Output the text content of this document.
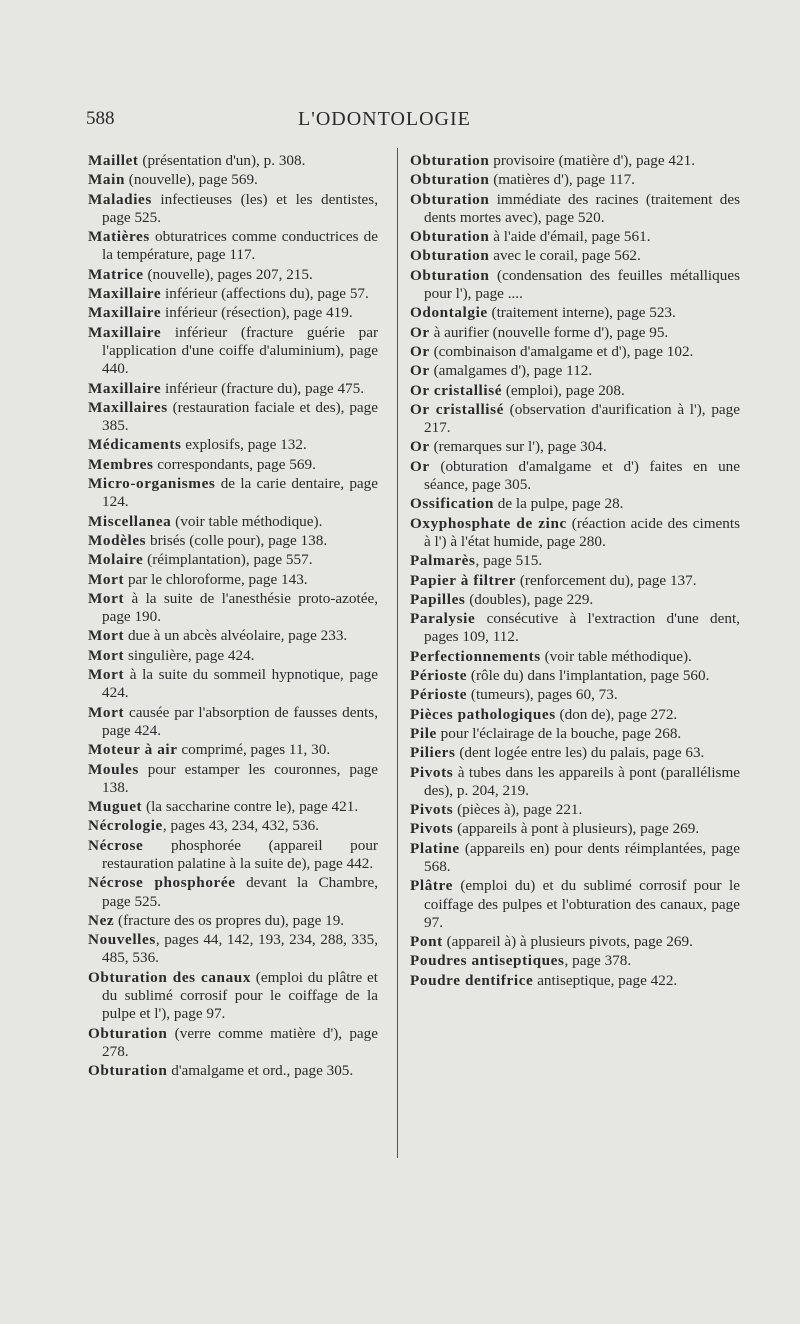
588	L'ODONTOLOGIE

Maillet (présentation d'un), p. 308.

Main (nouvelle), page 569.

Maladies infectieuses (les) et les dentistes, page 525.

Matières obturatrices comme conductrices de la température, page 117.

Matrice (nouvelle), pages 207, 215.

Maxillaire inférieur (affections du), page 57.

Maxillaire inférieur (résection), page 419.

Maxillaire inférieur (fracture guérie par l'application d'une coiffe d'aluminium), page 440.

Maxillaire inférieur (fracture du), page 475.

Maxillaires (restauration faciale et des), page 385.

Médicaments explosifs, page 132.

Membres correspondants, page 569.

Micro-organismes de la carie dentaire, page 124.

Miscellanea (voir table méthodique).

Modèles brisés (colle pour), page 138.

Molaire (réimplantation), page 557.

Mort par le chloroforme, page 143.

Mort à la suite de l'anesthésie proto-azotée, page 190.

Mort due à un abcès alvéolaire, page 233.

Mort singulière, page 424.

Mort à la suite du sommeil hypnotique, page 424.

Mort causée par l'absorption de fausses dents, page 424.

Moteur à air comprimé, pages 11, 30.

Moules pour estamper les couronnes, page 138.

Muguet (la saccharine contre le), page 421.

Nécrologie, pages 43, 234, 432, 536.

Nécrose phosphorée (appareil pour restauration palatine à la suite de), page 442.

Nécrose phosphorée devant la Chambre, page 525.

Nez (fracture des os propres du), page 19.

Nouvelles, pages 44, 142, 193, 234, 288, 335, 485, 536.

Obturation des canaux (emploi du plâtre et du sublimé corrosif pour le coiffage de la pulpe et l'), page 97.

Obturation (verre comme matière d'), page 278.

Obturation d'amalgame et ord., page 305.

Obturation provisoire (matière d'), page 421.

Obturation (matières d'), page 117.

Obturation immédiate des racines (traitement des dents mortes avec), page 520.

Obturation à l'aide d'émail, page 561.

Obturation avec le corail, page 562.

Obturation (condensation des feuilles métalliques pour l'), page ....

Odontalgie (traitement interne), page 523.

Or à aurifier (nouvelle forme d'), page 95.

Or (combinaison d'amalgame et d'), page 102.

Or (amalgames d'), page 112.

Or cristallisé (emploi), page 208.

Or cristallisé (observation d'aurification à l'), page 217.

Or (remarques sur l'), page 304.

Or (obturation d'amalgame et d') faites en une séance, page 305.

Ossification de la pulpe, page 28.

Oxyphosphate de zinc (réaction acide des ciments à l') à l'état humide, page 280.

Palmarès, page 515.

Papier à filtrer (renforcement du), page 137.

Papilles (doubles), page 229.

Paralysie consécutive à l'extraction d'une dent, pages 109, 112.

Perfectionnements (voir table méthodique).

Périoste (rôle du) dans l'implantation, page 560.

Périoste (tumeurs), pages 60, 73.

Pièces pathologiques (don de), page 272.

Pile pour l'éclairage de la bouche, page 268.

Piliers (dent logée entre les) du palais, page 63.

Pivots à tubes dans les appareils à pont (parallélisme des), p. 204, 219.

Pivots (pièces à), page 221.

Pivots (appareils à pont à plusieurs), page 269.

Platine (appareils en) pour dents réimplantées, page 568.

Plâtre (emploi du) et du sublimé corrosif pour le coiffage des pulpes et l'obturation des canaux, page 97.

Pont (appareil à) à plusieurs pivots, page 269.

Poudres antiseptiques, page 378.

Poudre dentifrice antiseptique, page 422.
